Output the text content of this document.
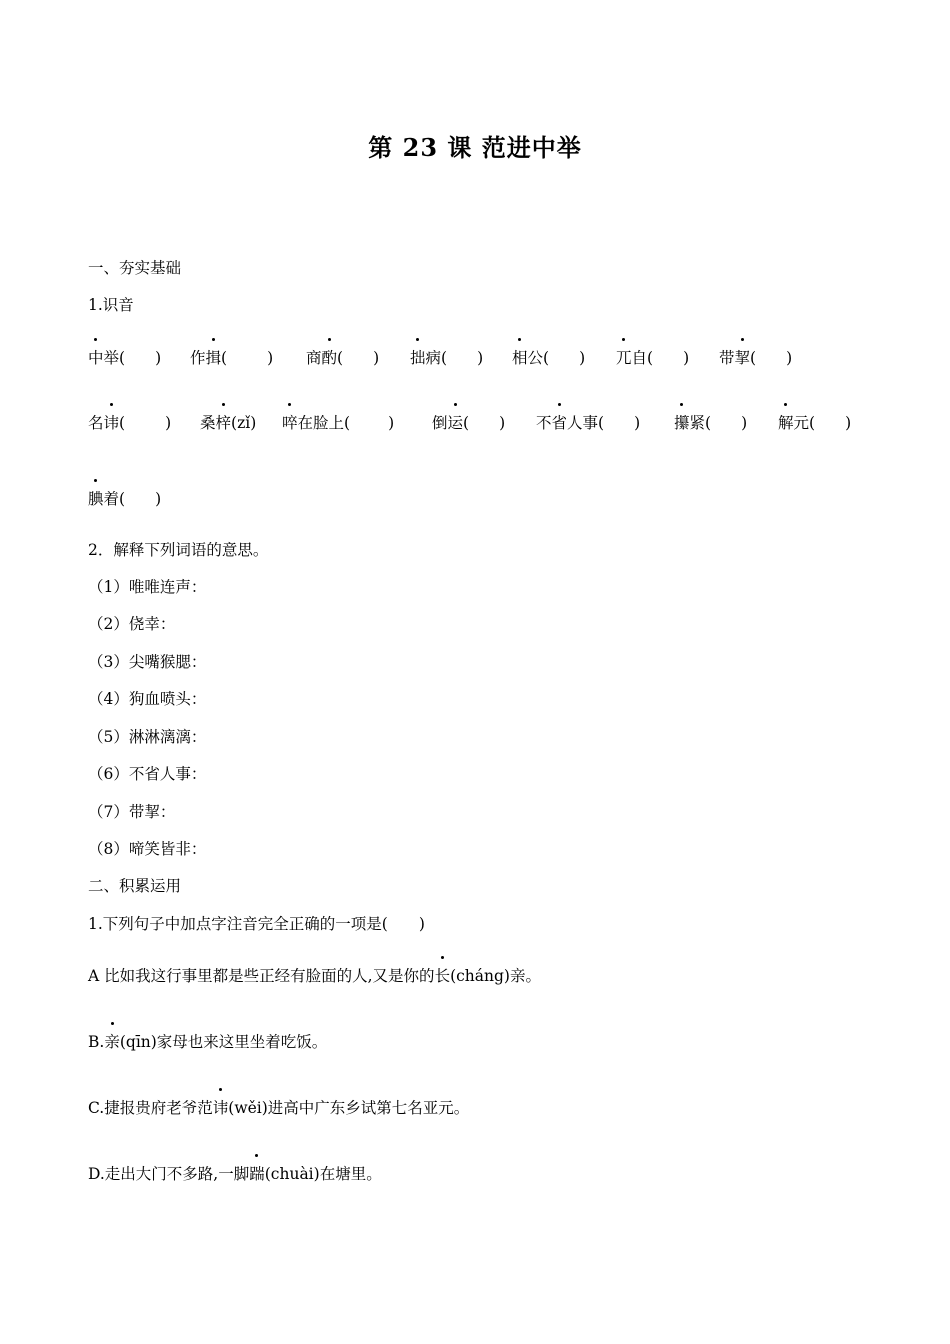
第 23 课 范进中举
一、夯实基础
1.识音
中举( ) 作揖(	) 商酌( ) 拙病( ) 相公( ) 兀自( ) 带挈( )
名讳(	) 桑梓(zǐ) 啐在脸上( ) 倒运( ) 不省人事( ) 攥紧( ) 解元( )
腆着( )
2．解释下列词语的意思。
（1）唯唯连声：
（2）侥幸：
（3）尖嘴猴腮：
（4）狗血喷头：
（5）淋淋漓漓：
（6）不省人事：
（7）带挈：
（8）啼笑皆非：
二、积累运用
1.下列句子中加点字注音完全正确的一项是(　　)
A 比如我这行事里都是些正经有脸面的人,又是你的长(cháng)亲。
B.亲(qīn)家母也来这里坐着吃饭。
C.捷报贵府老爷范讳(wěi)进高中广东乡试第七名亚元。
D.走出大门不多路,一脚踹(chuài)在塘里。
